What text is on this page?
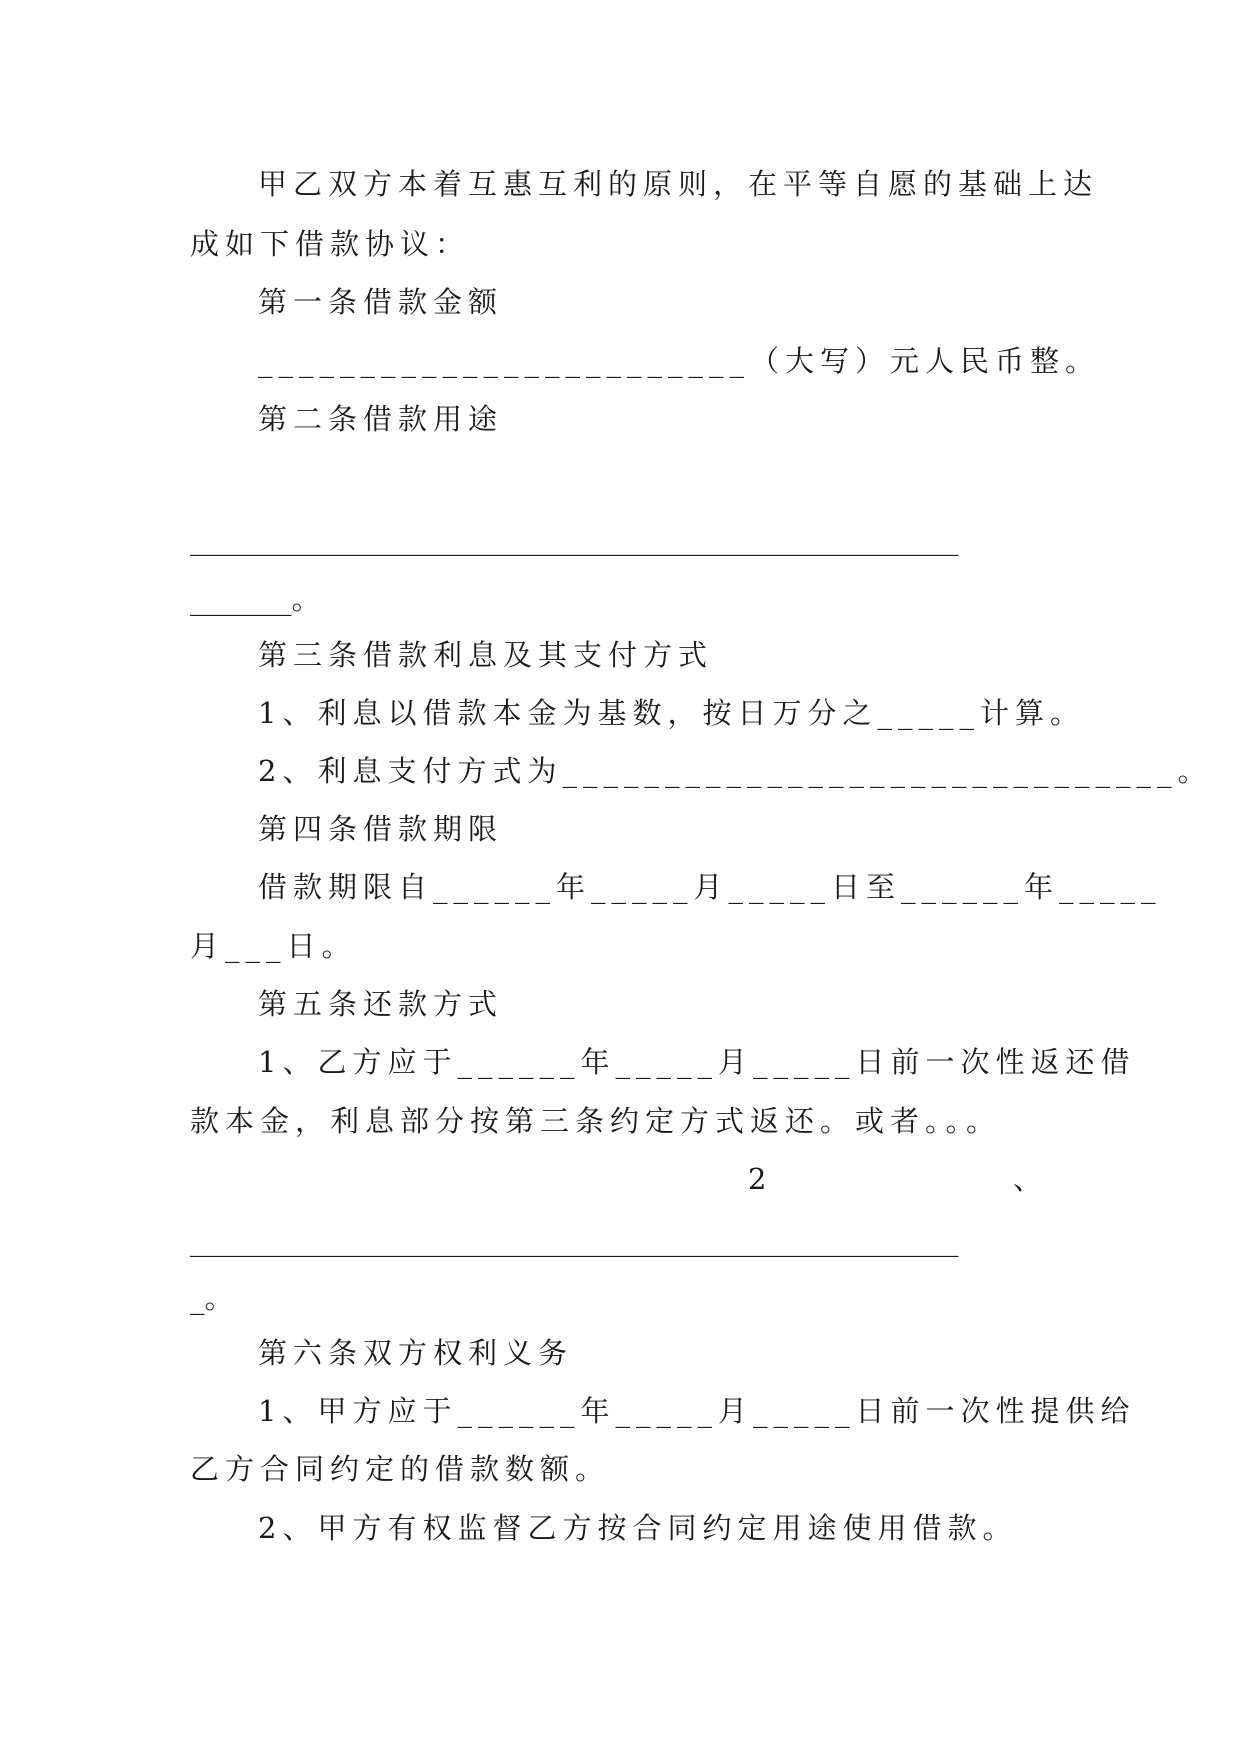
甲乙双方本着互惠互利的原则，在平等自愿的基础上达
成如下借款协议：
第一条借款金额
________________________（大写）元人民币整。
第二条借款用途
_____________________________________________________
_______。
第三条借款利息及其支付方式
1、利息以借款本金为基数，按日万分之_____计算。
2、利息支付方式为______________________________。
第四条借款期限
借款期限自______年_____月_____日至______年_____
月___日。
第五条还款方式
1、乙方应于______年_____月_____日前一次性返还借
款本金，利息部分按第三条约定方式返还。或者。。。
2	、
_____________________________________________________
_。
第六条双方权利义务
1、甲方应于______年_____月_____日前一次性提供给
乙方合同约定的借款数额。
2、甲方有权监督乙方按合同约定用途使用借款。
